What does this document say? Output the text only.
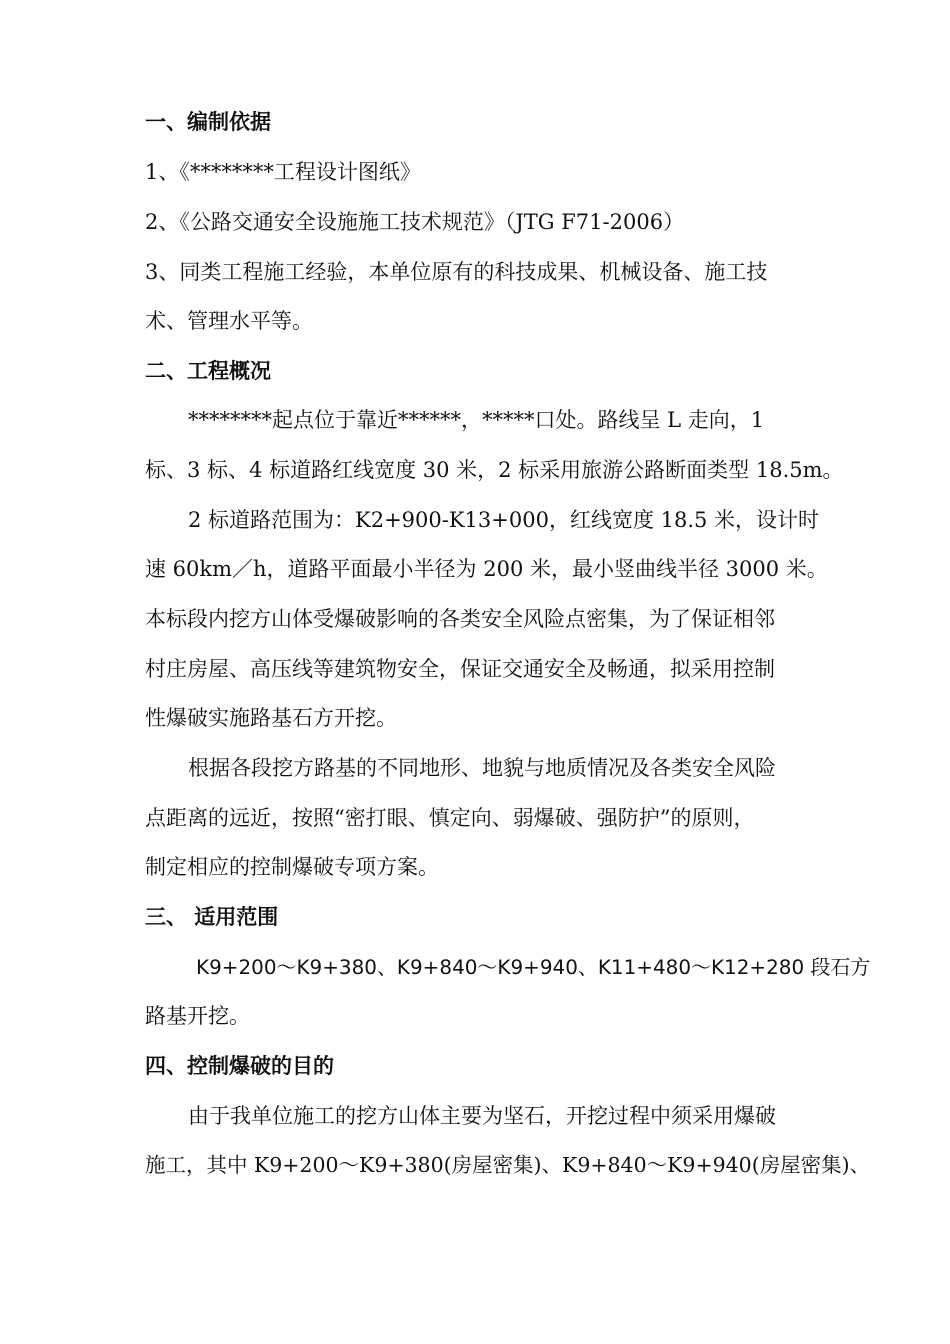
一、编制依据
1、《********工程设计图纸》
2、《公路交通安全设施施工技术规范》（JTG F71-2006）
3、同类工程施工经验，本单位原有的科技成果、机械设备、施工技
术、管理水平等。
二、工程概况
********起点位于靠近******，*****口处。路线呈 L 走向，1
标、3 标、4 标道路红线宽度 30 米，2 标采用旅游公路断面类型 18.5m。
2 标道路范围为：K2+900-K13+000，红线宽度 18.5 米，设计时
速 60km／h，道路平面最小半径为 200 米，最小竖曲线半径 3000 米。
本标段内挖方山体受爆破影响的各类安全风险点密集，为了保证相邻
村庄房屋、高压线等建筑物安全，保证交通安全及畅通，拟采用控制
性爆破实施路基石方开挖。
根据各段挖方路基的不同地形、地貌与地质情况及各类安全风险
点距离的远近，按照“密打眼、慎定向、弱爆破、强防护”的原则，
制定相应的控制爆破专项方案。
三、 适用范围
K9+200～K9+380、K9+840～K9+940、K11+480～K12+280 段石方
路基开挖。
四、控制爆破的目的
由于我单位施工的挖方山体主要为坚石，开挖过程中须采用爆破
施工，其中 K9+200～K9+380(房屋密集)、K9+840～K9+940(房屋密集)、
